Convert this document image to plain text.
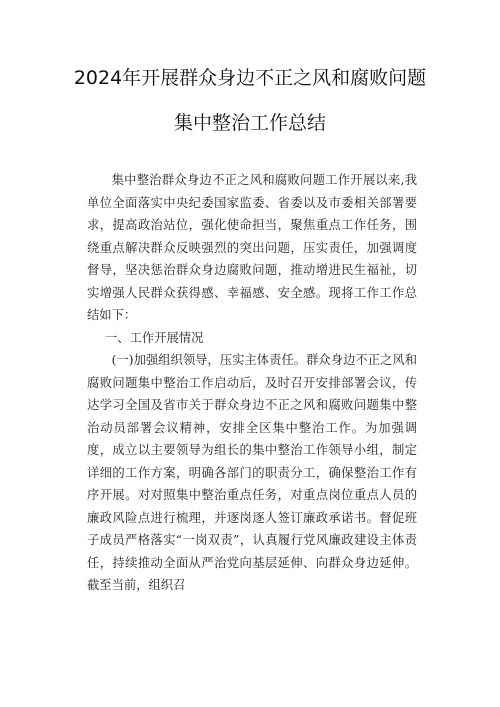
2024年开展群众身边不正之风和腐败问题
集中整治工作总结

集中整治群众身边不正之风和腐败问题工作开展以来,我单位全面落实中央纪委国家监委、省委以及市委相关部署要求，提高政治站位，强化使命担当，聚焦重点工作任务，围绕重点解决群众反映强烈的突出问题，压实责任，加强调度督导，坚决惩治群众身边腐败问题，推动增进民生福祉，切实增强人民群众获得感、幸福感、安全感。现将工作工作总结如下：

一、工作开展情况

(一)加强组织领导，压实主体责任。群众身边不正之风和腐败问题集中整治工作启动后，及时召开安排部署会议，传达学习全国及省市关于群众身边不正之风和腐败问题集中整治动员部署会议精神，安排全区集中整治工作。为加强调度，成立以主要领导为组长的集中整治工作领导小组，制定详细的工作方案，明确各部门的职责分工，确保整治工作有序开展。对对照集中整治重点任务，对重点岗位重点人员的廉政风险点进行梳理，并逐岗逐人签订廉政承诺书。督促班子成员严格落实“一岗双责”，认真履行党风廉政建设主体责任，持续推动全面从严治党向基层延伸、向群众身边延伸。截至当前，组织召
